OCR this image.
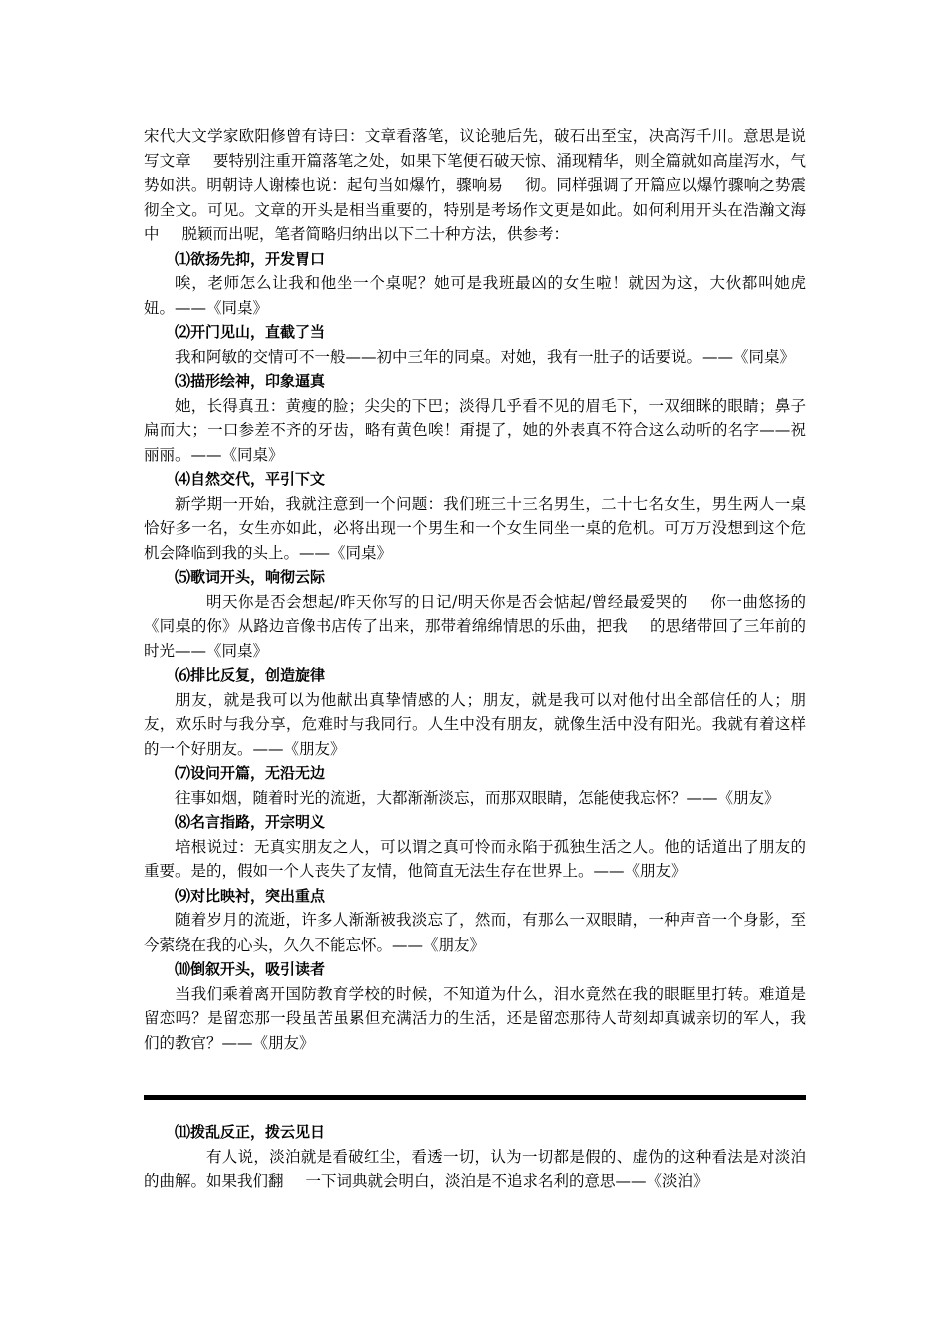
宋代大文学家欧阳修曾有诗曰：文章看落笔，议论驰后先，破石出至宝，决高泻千川。意思是说写文章 要特别注重开篇落笔之处，如果下笔便石破天惊、涌现精华，则全篇就如高崖泻水，气势如洪。明朝诗人谢榛也说：起句当如爆竹，骤响易 彻。同样强调了开篇应以爆竹骤响之势震彻全文。可见。文章的开头是相当重要的，特别是考场作文更是如此。如何利用开头在浩瀚文海中 脱颖而出呢，笔者简略归纳出以下二十种方法，供参考：

⑴欲扬先抑，开发胃口

唉，老师怎么让我和他坐一个桌呢？她可是我班最凶的女生啦！就因为这，大伙都叫她虎妞。——《同桌》

⑵开门见山，直截了当

我和阿敏的交情可不一般——初中三年的同桌。对她，我有一肚子的话要说。——《同桌》

⑶描形绘神，印象逼真

她，长得真丑：黄瘦的脸；尖尖的下巴；淡得几乎看不见的眉毛下，一双细眯的眼睛；鼻子扁而大；一口参差不齐的牙齿，略有黄色唉！甭提了，她的外表真不符合这么动听的名字——祝丽丽。——《同桌》

⑷自然交代，平引下文

新学期一开始，我就注意到一个问题：我们班三十三名男生，二十七名女生，男生两人一桌恰好多一名，女生亦如此，必将出现一个男生和一个女生同坐一桌的危机。可万万没想到这个危机会降临到我的头上。——《同桌》

⑸歌词开头，响彻云际

明天你是否会想起/昨天你写的日记/明天你是否会惦起/曾经最爱哭的 你一曲悠扬的《同桌的你》从路边音像书店传了出来，那带着绵绵情思的乐曲，把我 的思绪带回了三年前的时光——《同桌》

⑹排比反复，创造旋律

朋友，就是我可以为他献出真挚情感的人；朋友，就是我可以对他付出全部信任的人；朋友，欢乐时与我分享，危难时与我同行。人生中没有朋友，就像生活中没有阳光。我就有着这样的一个好朋友。——《朋友》

⑺设问开篇，无沿无边

往事如烟，随着时光的流逝，大都渐渐淡忘，而那双眼睛，怎能使我忘怀？——《朋友》

⑻名言指路，开宗明义

培根说过：无真实朋友之人，可以谓之真可怜而永陷于孤独生活之人。他的话道出了朋友的重要。是的，假如一个人丧失了友情，他简直无法生存在世界上。——《朋友》

⑼对比映衬，突出重点

随着岁月的流逝，许多人渐渐被我淡忘了，然而，有那么一双眼睛，一种声音一个身影，至今萦绕在我的心头，久久不能忘怀。——《朋友》

⑽倒叙开头，吸引读者

当我们乘着离开国防教育学校的时候，不知道为什么，泪水竟然在我的眼眶里打转。难道是留恋吗？是留恋那一段虽苦虽累但充满活力的生活，还是留恋那待人苛刻却真诚亲切的军人，我们的教官？——《朋友》

⑾拨乱反正，拨云见日

有人说，淡泊就是看破红尘，看透一切，认为一切都是假的、虚伪的这种看法是对淡泊的曲解。如果我们翻 一下词典就会明白，淡泊是不追求名利的意思——《淡泊》
